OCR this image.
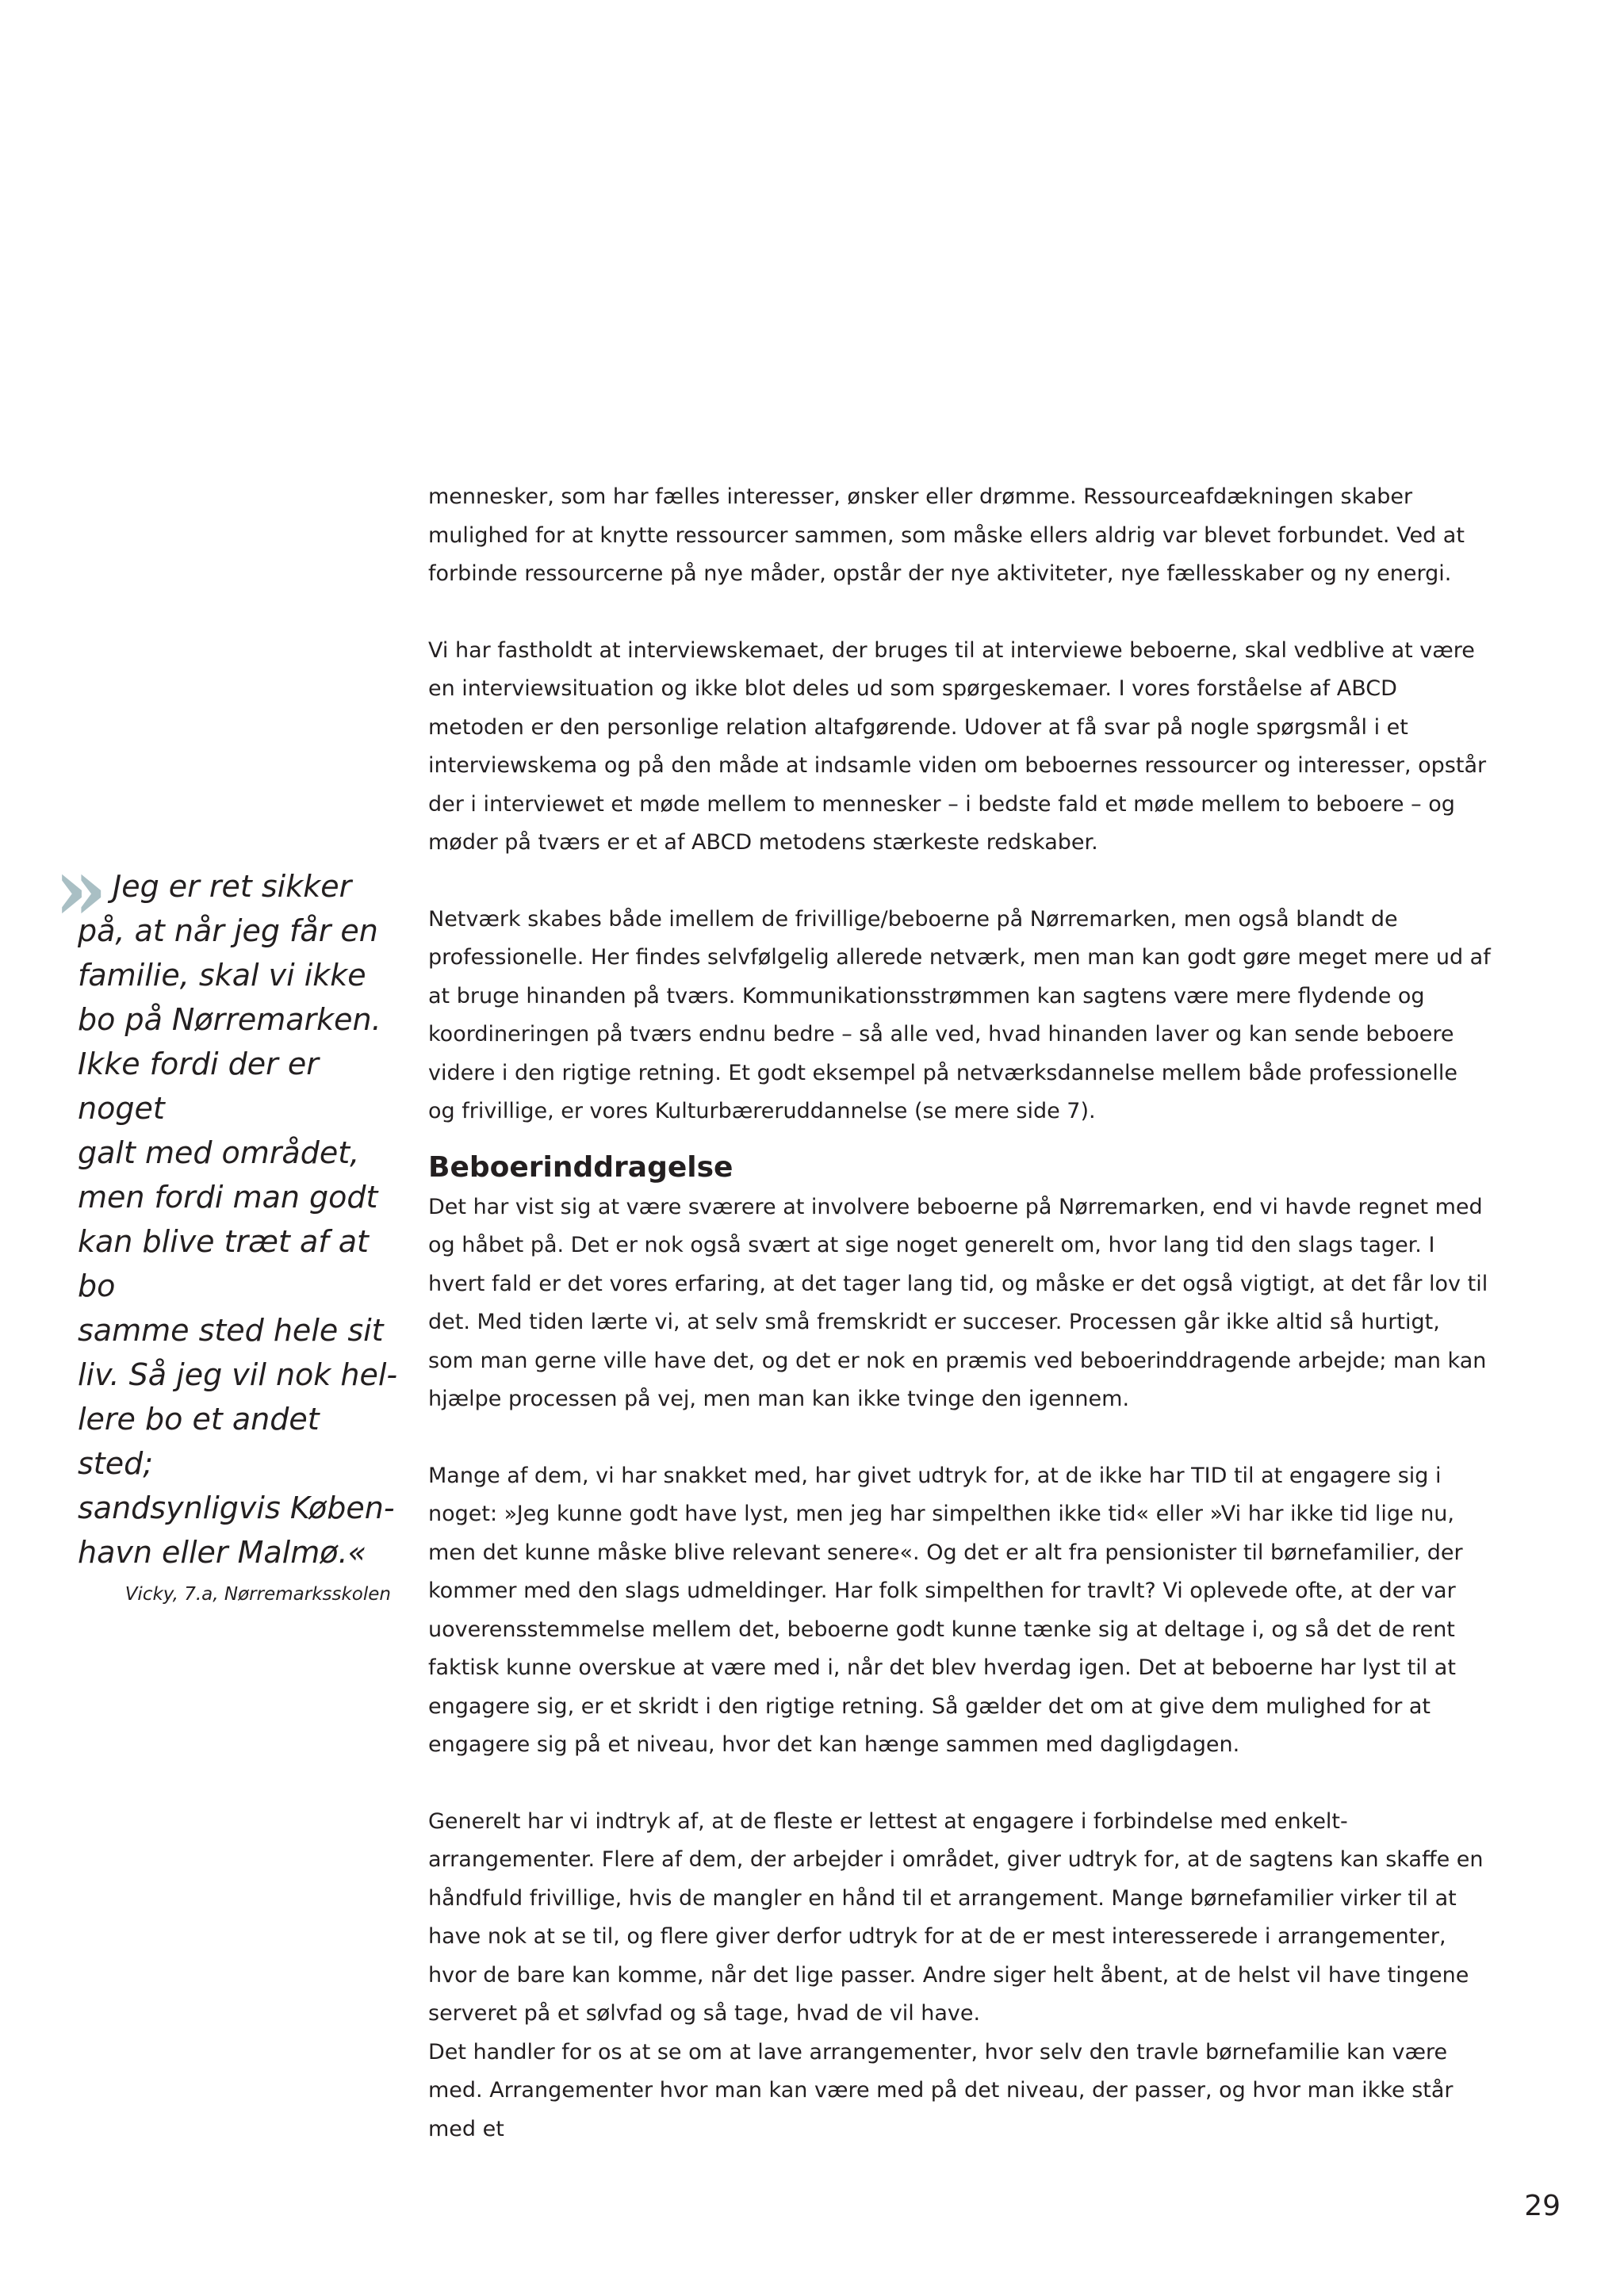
mennesker, som har fælles interesser, ønsker eller drømme. Ressourceafdækningen skaber mulighed for at knytte ressourcer sammen, som måske ellers aldrig var blevet forbundet. Ved at forbinde ressourcerne på nye måder, opstår der nye aktiviteter, nye fællesskaber og ny energi.

Vi har fastholdt at interviewskemaet, der bruges til at interviewe beboerne, skal vedblive at være en interviewsituation og ikke blot deles ud som spørgeskemaer. I vores forståelse af ABCD metoden er den personlige relation altafgørende. Udover at få svar på nogle spørgsmål i et interviewskema og på den måde at indsamle viden om beboernes ressourcer og interesser, opstår der i interviewet et møde mellem to mennesker – i bedste fald et møde mellem to beboere – og møder på tværs er et af ABCD metodens stærkeste redskaber.

Netværk skabes både imellem de frivillige/beboerne på Nørremarken, men også blandt de professionelle. Her findes selvfølgelig allerede netværk, men man kan godt gøre meget mere ud af at bruge hinanden på tværs. Kommunikationsstrømmen kan sagtens være mere flydende og koordineringen på tværs endnu bedre – så alle ved, hvad hinanden laver og kan sende beboere videre i den rigtige retning. Et godt eksempel på netværksdannelse mellem både professionelle og frivillige, er vores Kulturbæreruddannelse (se mere side 7).

Beboerinddragelse

Det har vist sig at være sværere at involvere beboerne på Nørremarken, end vi havde regnet med og håbet på. Det er nok også svært at sige noget generelt om, hvor lang tid den slags tager. I hvert fald er det vores erfaring, at det tager lang tid, og måske er det også vigtigt, at det får lov til det. Med tiden lærte vi, at selv små fremskridt er succeser. Processen går ikke altid så hurtigt, som man gerne ville have det, og det er nok en præmis ved beboerinddragende arbejde; man kan hjælpe processen på vej, men man kan ikke tvinge den igennem.

Mange af dem, vi har snakket med, har givet udtryk for, at de ikke har TID til at engagere sig i noget: »Jeg kunne godt have lyst, men jeg har simpelthen ikke tid« eller »Vi har ikke tid lige nu, men det kunne måske blive relevant senere«. Og det er alt fra pensionister til børnefamilier, der kommer med den slags udmeldinger. Har folk simpelthen for travlt? Vi oplevede ofte, at der var uoverensstemmelse mellem det, beboerne godt kunne tænke sig at deltage i, og så det de rent faktisk kunne overskue at være med i, når det blev hverdag igen. Det at beboerne har lyst til at engagere sig, er et skridt i den rigtige retning. Så gælder det om at give dem mulighed for at engagere sig på et niveau, hvor det kan hænge sammen med dagligdagen.

Generelt har vi indtryk af, at de fleste er lettest at engagere i forbindelse med enkelt-arrangementer. Flere af dem, der arbejder i området, giver udtryk for, at de sagtens kan skaffe en håndfuld frivillige, hvis de mangler en hånd til et arrangement. Mange børnefamilier virker til at have nok at se til, og flere giver derfor udtryk for at de er mest interesserede i arrangementer, hvor de bare kan komme, når det lige passer. Andre siger helt åbent, at de helst vil have tingene serveret på et sølvfad og så tage, hvad de vil have.

Det handler for os at se om at lave arrangementer, hvor selv den travle børnefamilie kan være med. Arrangementer hvor man kan være med på det niveau, der passer, og hvor man ikke står med et

» Jeg er ret sikker
på, at når jeg får en
familie, skal vi ikke
bo på Nørremarken.
Ikke fordi der er noget
galt med området,
men fordi man godt
kan blive træt af at bo
samme sted hele sit
liv. Så jeg vil nok hel-
lere bo et andet sted;
sandsynligvis Køben-
havn eller Malmø.«

Vicky, 7.a, Nørremarksskolen

29
